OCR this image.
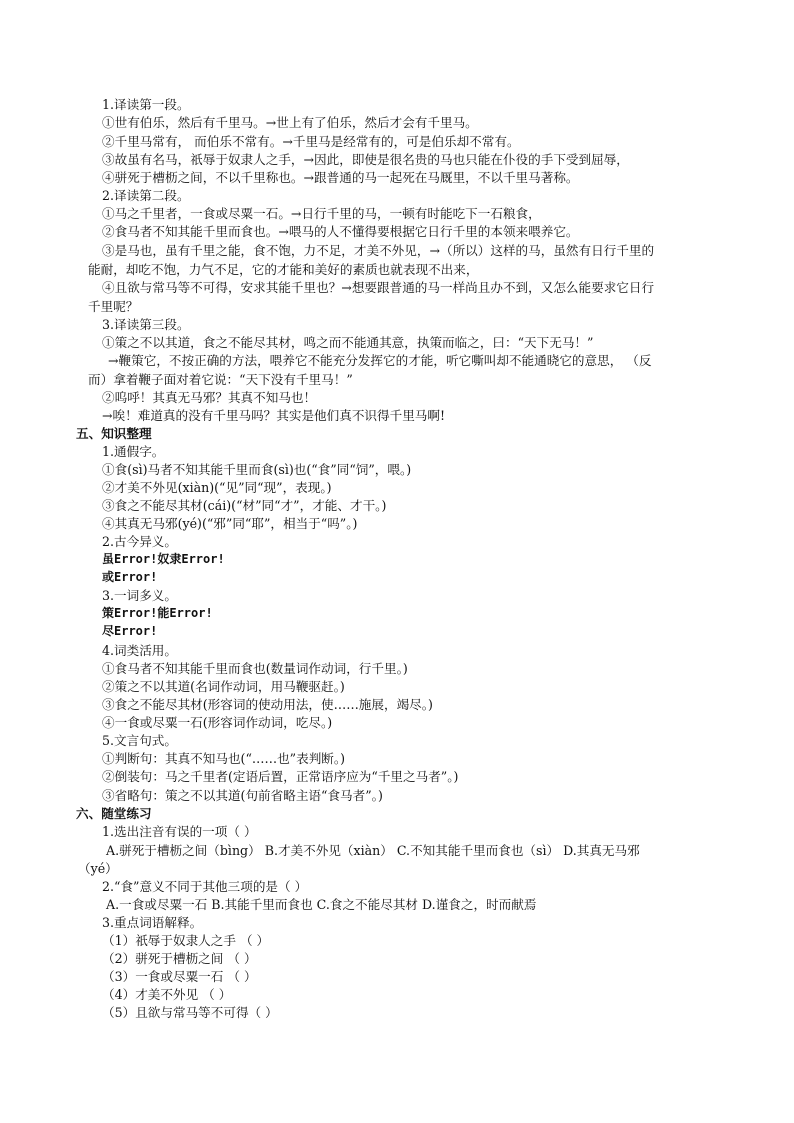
1.译读第一段。
①世有伯乐，然后有千里马。→世上有了伯乐，然后才会有千里马。
②千里马常有， 而伯乐不常有。→千里马是经常有的，可是伯乐却不常有。
③故虽有名马，祇辱于奴隶人之手，→因此，即使是很名贵的马也只能在仆役的手下受到屈辱，
④骈死于槽枥之间，不以千里称也。→跟普通的马一起死在马厩里，不以千里马著称。
2.译读第二段。
①马之千里者，一食或尽粟一石。→日行千里的马，一顿有时能吃下一石粮食，
②食马者不知其能千里而食也。→喂马的人不懂得要根据它日行千里的本领来喂养它。
③是马也，虽有千里之能，食不饱，力不足，才美不外见，→（所以）这样的马，虽然有日行千里的
能耐，却吃不饱，力气不足，它的才能和美好的素质也就表现不出来，
④且欲与常马等不可得，安求其能千里也？→想要跟普通的马一样尚且办不到，又怎么能要求它日行
千里呢？
3.译读第三段。
①策之不以其道，食之不能尽其材，鸣之而不能通其意，执策而临之，曰：“天下无马！”
→鞭策它，不按正确的方法，喂养它不能充分发挥它的才能，听它嘶叫却不能通晓它的意思， （反
而）拿着鞭子面对着它说：“天下没有千里马！”
②呜呼！其真无马邪？其真不知马也！
→唉！难道真的没有千里马吗？其实是他们真不识得千里马啊!
五、知识整理
1.通假字。
①食(sì)马者不知其能千里而食(sì)也(“食”同“饲”，喂。)
②才美不外见(xiàn)(“见”同“现”，表现。)
③食之不能尽其材(cái)(“材”同“才”，才能、才干。)
④其真无马邪(yé)(“邪”同“耶”，相当于“吗”。)
2.古今异义。
虽Error!奴隶Error!
或Error!
3.一词多义。
策Error!能Error!
尽Error!
4.词类活用。
①食马者不知其能千里而食也(数量词作动词，行千里。)
②策之不以其道(名词作动词，用马鞭驱赶。)
③食之不能尽其材(形容词的使动用法，使……施展，竭尽。)
④一食或尽粟一石(形容词作动词，吃尽。)
5.文言句式。
①判断句：其真不知马也(“……也”表判断。)
②倒装句：马之千里者(定语后置，正常语序应为“千里之马者”。)
③省略句：策之不以其道(句前省略主语“食马者”。)
六、随堂练习
1.选出注音有误的一项（ ）
A.骈死于槽枥之间（bìng） B.才美不外见（xiàn） C.不知其能千里而食也（sì） D.其真无马邪
（yé）
2.“食”意义不同于其他三项的是（ ）
A.一食或尽粟一石 B.其能千里而食也 C.食之不能尽其材 D.谨食之，时而献焉
3.重点词语解释。
（1）祇辱于奴隶人之手 （ ）
（2）骈死于槽枥之间 （ ）
（3）一食或尽粟一石 （ ）
（4）才美不外见 （ ）
（5）且欲与常马等不可得（ ）
